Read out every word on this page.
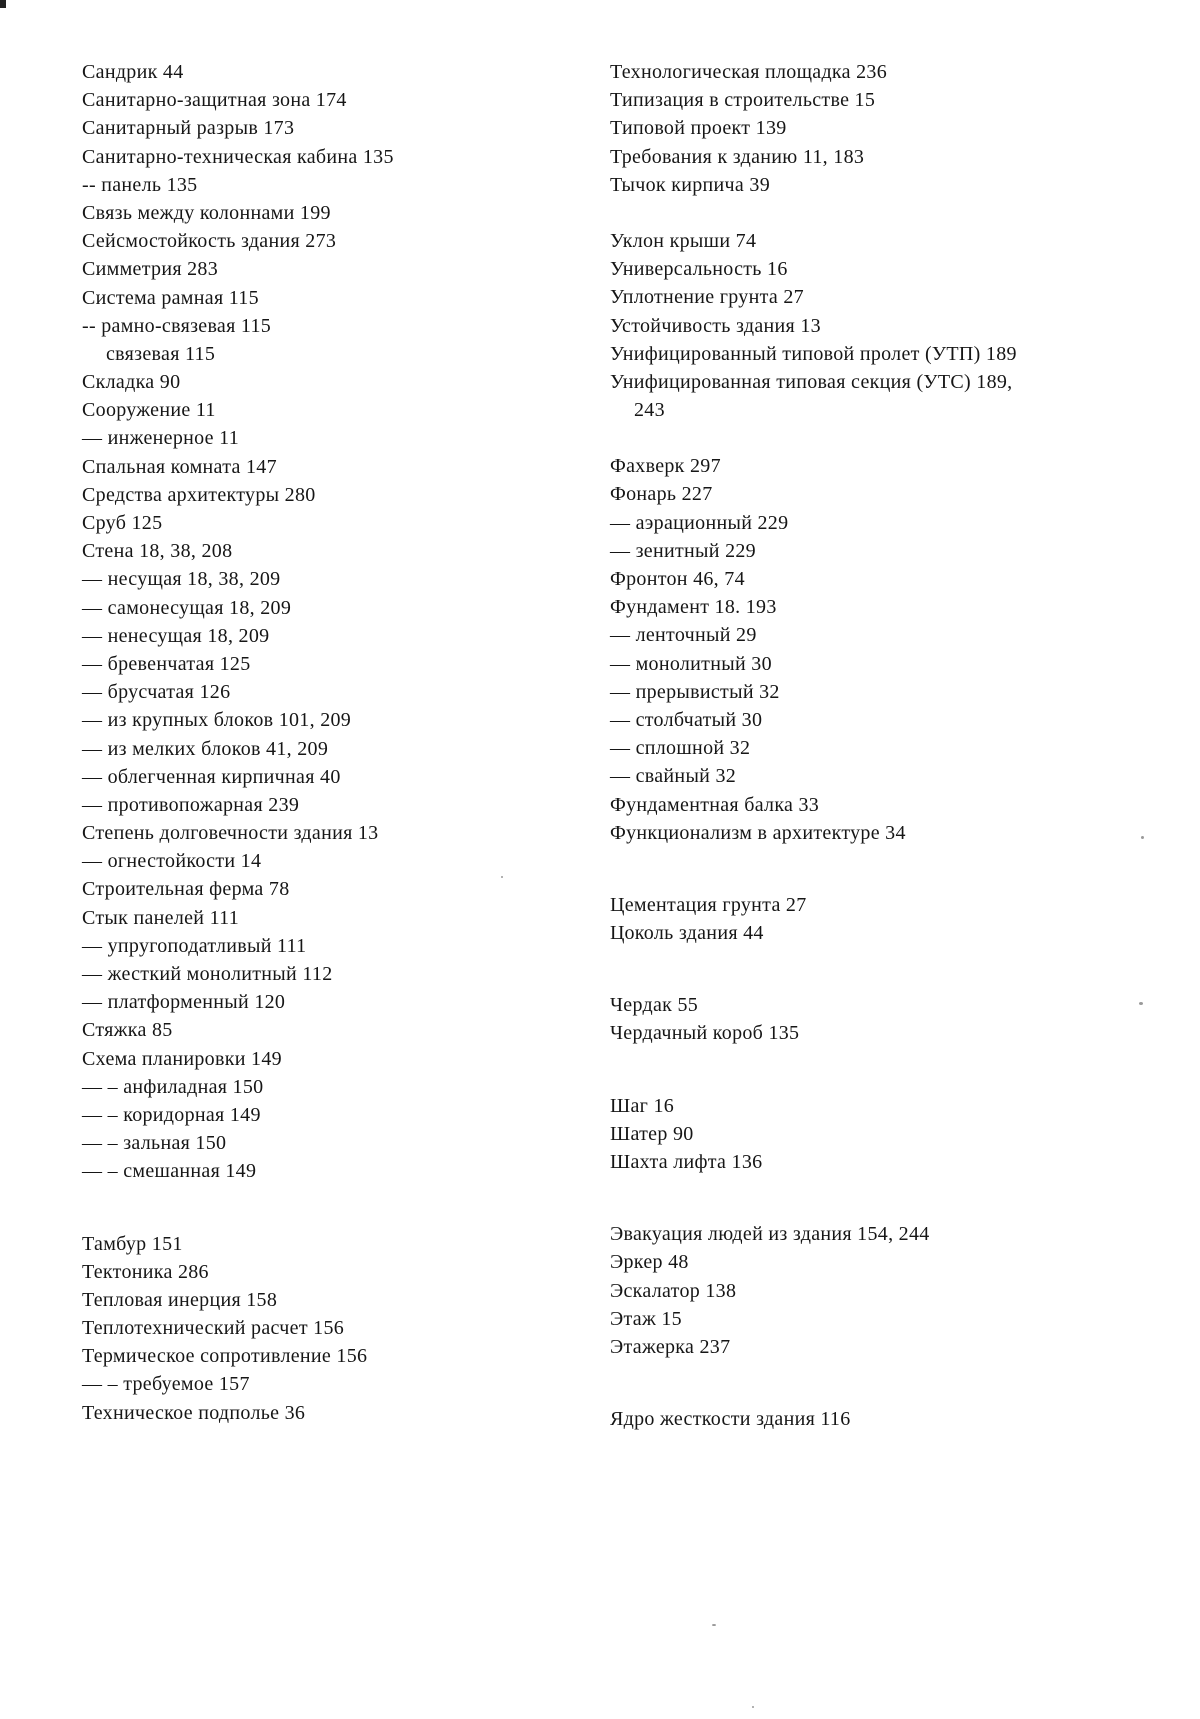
Сандрик 44
Санитарно-защитная зона 174
Санитарный разрыв 173
Санитарно-техническая кабина 135
-- панель 135
Связь между колоннами 199
Сейсмостойкость здания 273
Симметрия 283
Система рамная 115
-- рамно-связевая 115
связевая 115
Складка 90
Сооружение 11
— инженерное 11
Спальная комната 147
Средства архитектуры 280
Сруб 125
Стена 18, 38, 208
— несущая 18, 38, 209
— самонесущая 18, 209
— ненесущая 18, 209
— бревенчатая 125
— брусчатая 126
— из крупных блоков 101, 209
— из мелких блоков 41, 209
— облегченная кирпичная 40
— противопожарная 239
Степень долговечности здания 13
— огнестойкости 14
Строительная ферма 78
Стык панелей 111
— упругоподатливый 111
— жесткий монолитный 112
— платформенный 120
Стяжка 85
Схема планировки 149
— – анфиладная 150
— – коридорная 149
— – зальная 150
— – смешанная 149
Тамбур 151
Тектоника 286
Тепловая инерция 158
Теплотехнический расчет 156
Термическое сопротивление 156
— – требуемое 157
Техническое подполье 36
Технологическая площадка 236
Типизация в строительстве 15
Типовой проект 139
Требования к зданию 11, 183
Тычок кирпича 39
Уклон крыши 74
Универсальность 16
Уплотнение грунта 27
Устойчивость здания 13
Унифицированный типовой пролет (УТП) 189
Унифицированная типовая секция (УТС) 189,
243
Фахверк 297
Фонарь 227
— аэрационный 229
— зенитный 229
Фронтон 46, 74
Фундамент 18. 193
— ленточный 29
— монолитный 30
— прерывистый 32
— столбчатый 30
— сплошной 32
— свайный 32
Фундаментная балка 33
Функционализм в архитектуре 34
Цементация грунта 27
Цоколь здания 44
Чердак 55
Чердачный короб 135
Шаг 16
Шатер 90
Шахта лифта 136
Эвакуация людей из здания 154, 244
Эркер 48
Эскалатор 138
Этаж 15
Этажерка 237
Ядро жесткости здания 116
